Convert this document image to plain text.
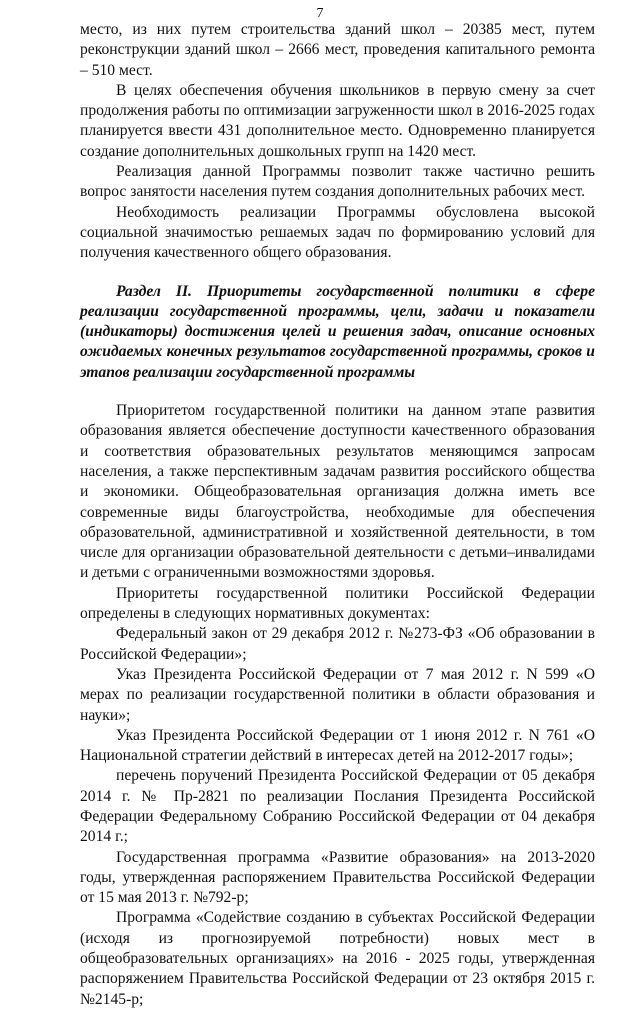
7

место, из них путем строительства зданий школ – 20385 мест, путем реконструкции зданий школ – 2666 мест, проведения капитального ремонта – 510 мест.

В целях обеспечения обучения школьников в первую смену за счет продолжения работы по оптимизации загруженности школ в 2016-2025 годах планируется ввести 431 дополнительное место. Одновременно планируется создание дополнительных дошкольных групп на 1420 мест.

Реализация данной Программы позволит также частично решить вопрос занятости населения путем создания дополнительных рабочих мест.

Необходимость реализации Программы обусловлена высокой социальной значимостью решаемых задач по формированию условий для получения качественного общего образования.

Раздел II. Приоритеты государственной политики в сфере реализации государственной программы, цели, задачи и показатели (индикаторы) достижения целей и решения задач, описание основных ожидаемых конечных результатов государственной программы, сроков и этапов реализации государственной программы

Приоритетом государственной политики на данном этапе развития образования является обеспечение доступности качественного образования и соответствия образовательных результатов меняющимся запросам населения, а также перспективным задачам развития российского общества и экономики. Общеобразовательная организация должна иметь все современные виды благоустройства, необходимые для обеспечения образовательной, административной и хозяйственной деятельности, в том числе для организации образовательной деятельности с детьми–инвалидами и детьми с ограниченными возможностями здоровья.

Приоритеты государственной политики Российской Федерации определены в следующих нормативных документах:

Федеральный закон от 29 декабря 2012 г. №273-ФЗ «Об образовании в Российской Федерации»;

Указ Президента Российской Федерации от 7 мая 2012 г. N 599 «О мерах по реализации государственной политики в области образования и науки»;

Указ Президента Российской Федерации от 1 июня 2012 г. N 761 «О Национальной стратегии действий в интересах детей на 2012-2017 годы»;

перечень поручений Президента Российской Федерации от 05 декабря 2014 г. № Пр-2821 по реализации Послания Президента Российской Федерации Федеральному Собранию Российской Федерации от 04 декабря 2014 г.;

Государственная программа «Развитие образования» на 2013-2020 годы, утвержденная распоряжением Правительства Российской Федерации от 15 мая 2013 г. №792-р;

Программа «Содействие созданию в субъектах Российской Федерации (исходя из прогнозируемой потребности) новых мест в общеобразовательных организациях» на 2016 - 2025 годы, утвержденная распоряжением Правительства Российской Федерации от 23 октября 2015 г. №2145-р;
